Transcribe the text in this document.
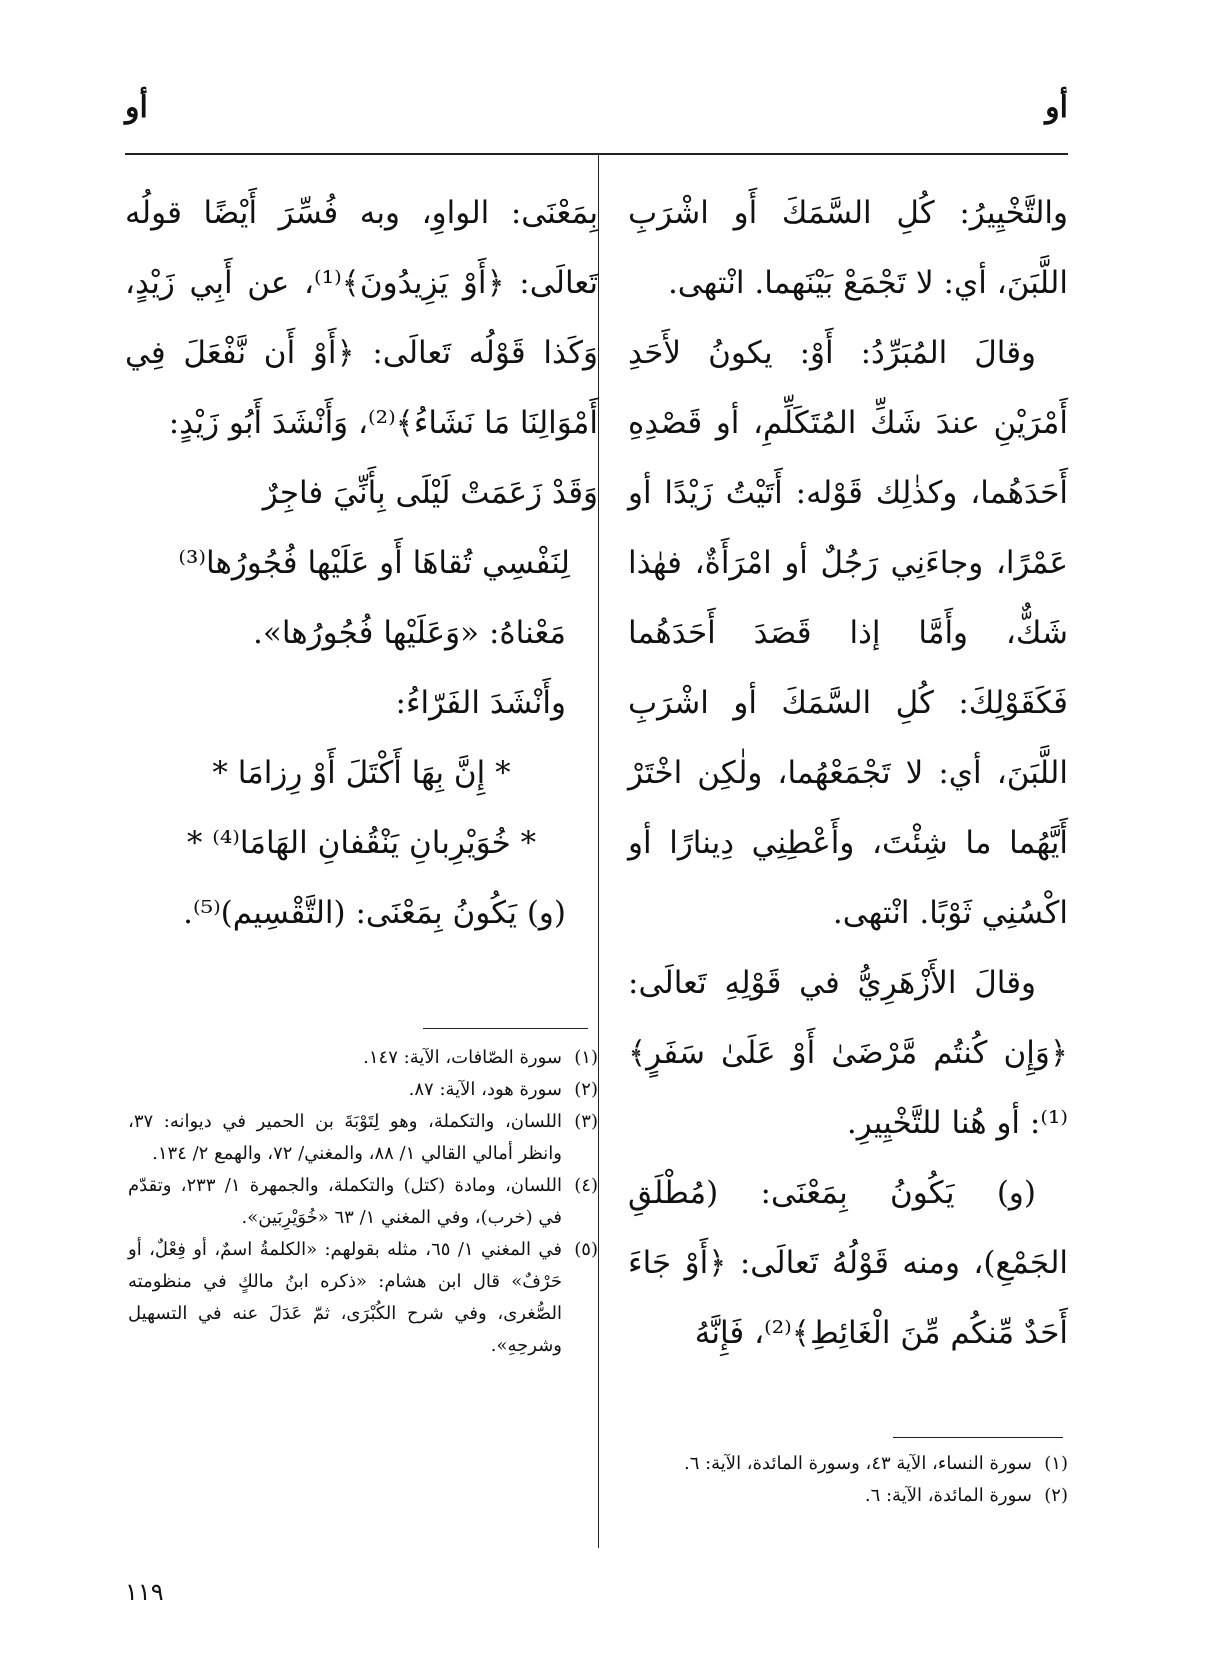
أو
أو

والتَّخْيِيرُ: كُلِ السَّمَكَ أَو اشْرَبِ اللَّبَنَ، أي: لا تَجْمَعْ بَيْنَهما. انْتهى.

وقالَ المُبَرِّدُ: أَوْ: يكونُ لأَحَدِ أَمْرَيْنِ عندَ شَكِّ المُتَكَلِّمِ، أو قَصْدِهِ أَحَدَهُما، وكذٰلِك قَوْله: أَتَيْتُ زَيْدًا أو عَمْرًا، وجاءَنِي رَجُلٌ أو امْرَأَةٌ، فهٰذا شَكٌّ، وأَمَّا إذا قَصَدَ أَحَدَهُما فَكَقَوْلِكَ: كُلِ السَّمَكَ أو اشْرَبِ اللَّبَنَ، أي: لا تَجْمَعْهُما، ولٰكِن اخْتَرْ أَيَّهُما ما شِئْتَ، وأَعْطِنِي دِينارًا أو اكْسُنِي ثَوْبًا. انْتهى.

وقالَ الأَزْهَرِيُّ في قَوْلِهِ تَعالَى: ﴿وَإِن كُنتُم مَّرْضَىٰ أَوْ عَلَىٰ سَفَرٍ﴾⁽¹⁾: أو هُنا للتَّخْيِيرِ.

(و) يَكُونُ بِمَعْنَى: (مُطْلَقِ الجَمْعِ)، ومنه قَوْلُهُ تَعالَى: ﴿أَوْ جَاءَ أَحَدٌ مِّنكُم مِّنَ الْغَائِطِ﴾⁽²⁾، فَإِنَّهُ

(١)
سورة النساء، الآية ٤٣، وسورة المائدة، الآية: ٦.
(٢)
سورة المائدة، الآية: ٦.

بِمَعْنَى: الواوِ، وبه فُسِّرَ أَيْضًا قولُه تَعالَى: ﴿أَوْ يَزِيدُونَ﴾⁽¹⁾، عن أَبِي زَيْدٍ، وَكَذا قَوْلُه تَعالَى: ﴿أَوْ أَن نَّفْعَلَ فِي أَمْوَالِنَا مَا نَشَاءُ﴾⁽²⁾، وَأَنْشَدَ أَبُو زَيْدٍ:

وَقَدْ زَعَمَتْ لَيْلَى بِأَنِّيَ فاجِرٌ

لِنَفْسِي تُقاهَا أَو عَلَيْها فُجُورُها⁽³⁾

مَعْناهُ: «وَعَلَيْها فُجُورُها».

وأَنْشَدَ الفَرّاءُ:

* إِنَّ بِهَا أَكْتَلَ أَوْ رِزامَا *

* خُوَيْرِبانِ يَنْقُفانِ الهَامَا⁽⁴⁾ *

(و) يَكُونُ بِمَعْنَى: (التَّقْسِيم)⁽⁵⁾.

(١)
سورة الصّافات، الآية: ١٤٧.
(٢)
سورة هود، الآية: ٨٧.
(٣)
اللسان، والتكملة، وهو لِتَوْبَةَ بن الحمير في ديوانه: ٣٧، وانظر أمالي القالي ١/ ٨٨، والمغني/ ٧٢، والهمع ٢/ ١٣٤.
(٤)
اللسان، ومادة (كتل) والتكملة، والجمهرة ١/ ٢٣٣، وتقدّم في (خرب)، وفي المغني ١/ ٦٣ «خُوَيْرِبَين».
(٥)
في المغني ١/ ٦٥، مثله بقولهم: «الكلمةُ اسمٌ، أو فِعْلٌ، أو حَرْفٌ» قال ابن هشام: «ذكره ابنُ مالكٍ في منظومته الصُّغرى، وفي شرح الكُبْرَى، ثمّ عَدَلَ عنه في التسهيل وشرحِهِ».
١١٩
